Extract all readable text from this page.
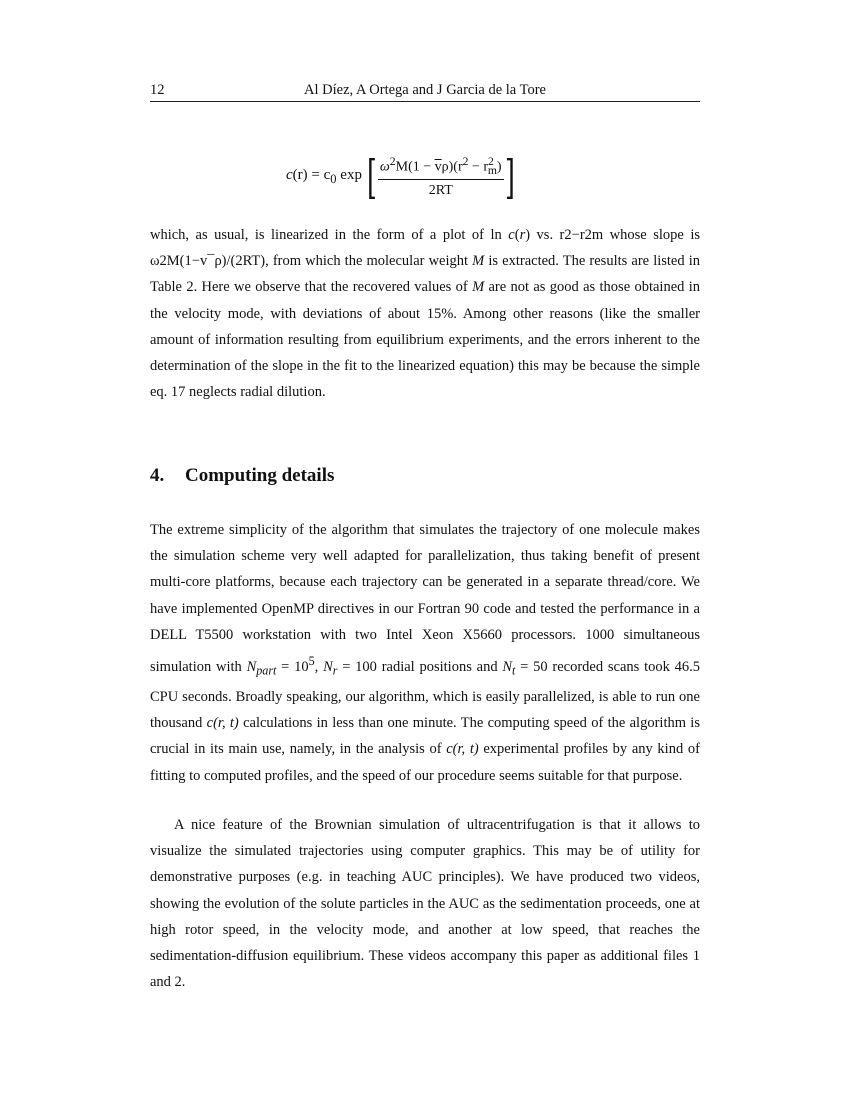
12	Al Díez, A Ortega and J Garcia de la Tore
$c(r) = c_0$ exp [ $\frac{\omega^2M(1 - \overline{v}\rho)(r^2 - r^2_m)}{2RT}$ ]

which, as usual, is linearized in the form of a plot of ln c(r) vs. r2−r2m whose slope is ω2M(1−v¯ρ)/(2RT), from which the molecular weight M is extracted. The results are listed in Table 2. Here we observe that the recovered values of M are not as good as those obtained in the velocity mode, with deviations of about 15%. Among other reasons (like the smaller amount of information resulting from equilibrium experiments, and the errors inherent to the determination of the slope in the fit to the linearized equation) this may be because the simple eq. 17 neglects radial dilution.

4. Computing details

The extreme simplicity of the algorithm that simulates the trajectory of one molecule makes the simulation scheme very well adapted for parallelization, thus taking benefit of present multi-core platforms, because each trajectory can be generated in a separate thread/core. We have implemented OpenMP directives in our Fortran 90 code and tested the performance in a DELL T5500 workstation with two Intel Xeon X5660 processors. 1000 simultaneous simulation with $N_{part} = 10^5$, $N_r = 100$ radial positions and $N_t = 50$ recorded scans took 46.5 CPU seconds. Broadly speaking, our algorithm, which is easily parallelized, is able to run one thousand c(r, t) calculations in less than one minute. The computing speed of the algorithm is crucial in its main use, namely, in the analysis of c(r, t) experimental profiles by any kind of fitting to computed profiles, and the speed of our procedure seems suitable for that purpose.

A nice feature of the Brownian simulation of ultracentrifugation is that it allows to visualize the simulated trajectories using computer graphics. This may be of utility for demonstrative purposes (e.g. in teaching AUC principles). We have produced two videos, showing the evolution of the solute particles in the AUC as the sedimentation proceeds, one at high rotor speed, in the velocity mode, and another at low speed, that reaches the sedimentation-diffusion equilibrium. These videos accompany this paper as additional files 1 and 2.
